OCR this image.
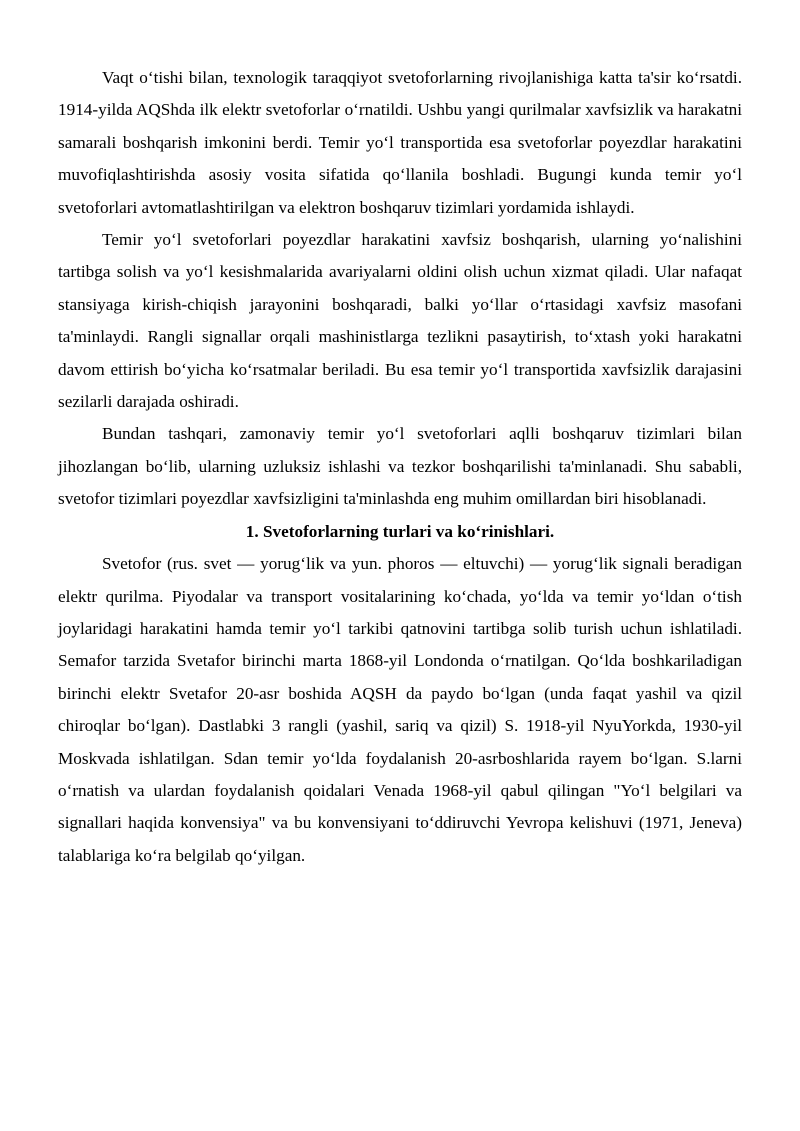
Vaqt o‘tishi bilan, texnologik taraqqiyot svetoforlarning rivojlanishiga katta ta'sir ko‘rsatdi. 1914-yilda AQShda ilk elektr svetoforlar o‘rnatildi. Ushbu yangi qurilmalar xavfsizlik va harakatni samarali boshqarish imkonini berdi. Temir yo‘l transportida esa svetoforlar poyezdlar harakatini muvofiqlashtirishda asosiy vosita sifatida qo‘llanila boshladi. Bugungi kunda temir yo‘l svetoforlari avtomatlashtirilgan va elektron boshqaruv tizimlari yordamida ishlaydi.

Temir yo‘l svetoforlari poyezdlar harakatini xavfsiz boshqarish, ularning yo‘nalishini tartibga solish va yo‘l kesishmalarida avariyalarni oldini olish uchun xizmat qiladi. Ular nafaqat stansiyaga kirish-chiqish jarayonini boshqaradi, balki yo‘llar o‘rtasidagi xavfsiz masofani ta'minlaydi. Rangli signallar orqali mashinistlarga tezlikni pasaytirish, to‘xtash yoki harakatni davom ettirish bo‘yicha ko‘rsatmalar beriladi. Bu esa temir yo‘l transportida xavfsizlik darajasini sezilarli darajada oshiradi.

Bundan tashqari, zamonaviy temir yo‘l svetoforlari aqlli boshqaruv tizimlari bilan jihozlangan bo‘lib, ularning uzluksiz ishlashi va tezkor boshqarilishi ta'minlanadi. Shu sababli, svetofor tizimlari poyezdlar xavfsizligini ta'minlashda eng muhim omillardan biri hisoblanadi.

1. Svetoforlarning turlari va ko‘rinishlari.

Svetofor (rus. svet — yorug‘lik va yun. phoros — eltuvchi) — yorug‘lik signali beradigan elektr qurilma. Piyodalar va transport vositalarining ko‘chada, yo‘lda va temir yo‘ldan o‘tish joylaridagi harakatini hamda temir yo‘l tarkibi qatnovini tartibga solib turish uchun ishlatiladi. Semafor tarzida Svetafor birinchi marta 1868-yil Londonda o‘rnatilgan. Qo‘lda boshkariladigan birinchi elektr Svetafor 20-asr boshida AQSH da paydo bo‘lgan (unda faqat yashil va qizil chiroqlar bo‘lgan). Dastlabki 3 rangli (yashil, sariq va qizil) S. 1918-yil NyuYorkda, 1930-yil Moskvada ishlatilgan. Sdan temir yo‘lda foydalanish 20-asrboshlarida rayem bo‘lgan. S.larni o‘rnatish va ulardan foydalanish qoidalari Venada 1968-yil qabul qilingan "Yo‘l belgilari va signallari haqida konvensiya" va bu konvensiyani to‘ddiruvchi Yevropa kelishuvi (1971, Jeneva) talablariga ko‘ra belgilab qo‘yilgan.
